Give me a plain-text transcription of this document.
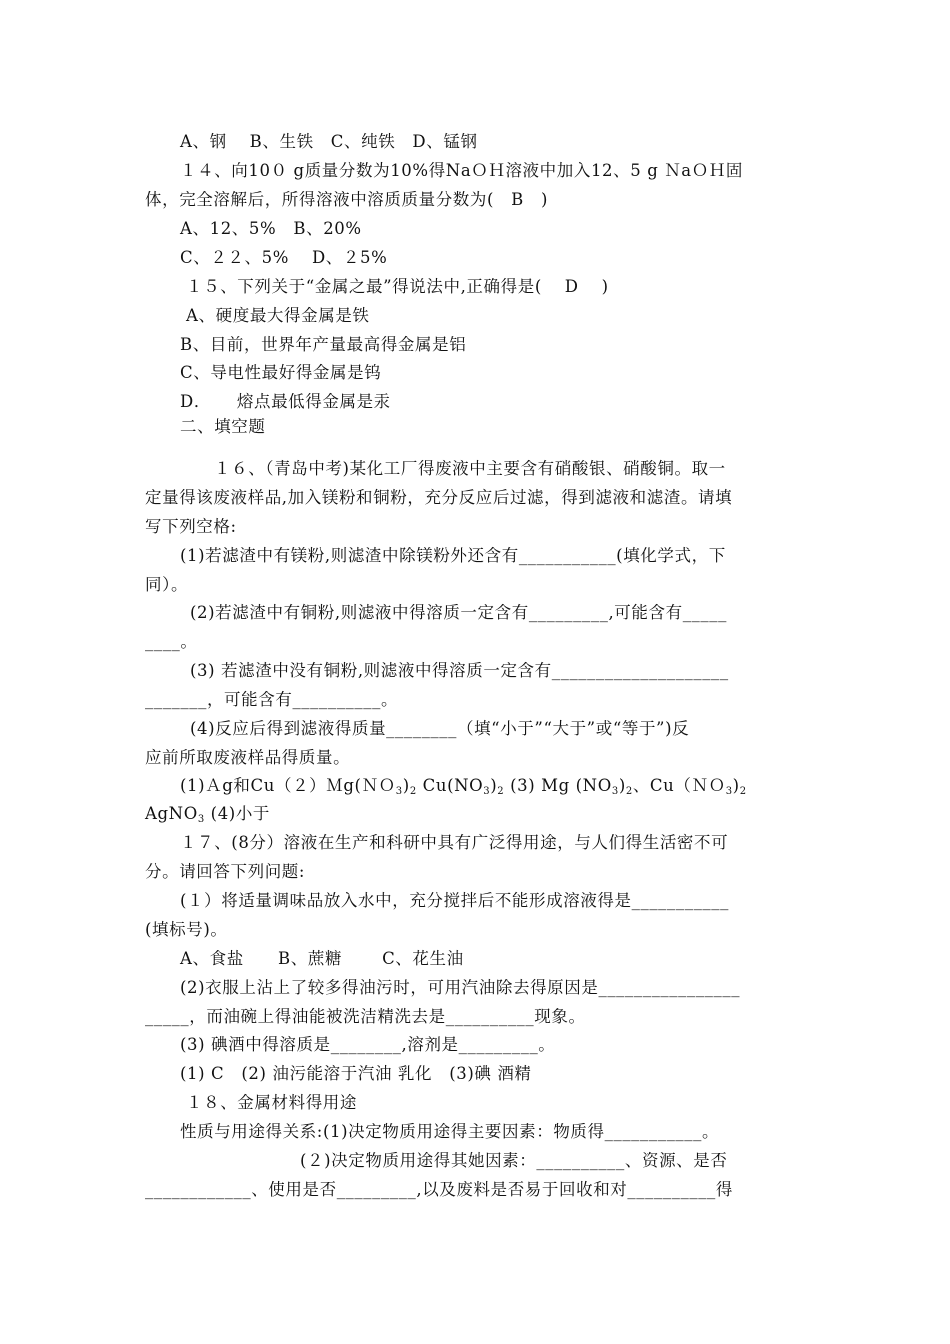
A、钢　 B、生铁　C、纯铁　D、锰钢
１４、向10０ g质量分数为10%得NaＯＨ溶液中加入12、5 g ＮaＯＨ固
体，完全溶解后，所得溶液中溶质质量分数为(　B　)
A、12、5%　B、20%
C、２２、5%　 D、２5%
１５、下列关于“金属之最”得说法中,正确得是(　 D　 )
A、硬度最大得金属是铁
B、目前，世界年产量最高得金属是铝
C、导电性最好得金属是钨
D．　　熔点最低得金属是汞
二、填空题
１６、（青岛中考)某化工厂得废液中主要含有硝酸银、硝酸铜。取一
定量得该废液样品,加入镁粉和铜粉，充分反应后过滤，得到滤液和滤渣。请填
写下列空格:
(1)若滤渣中有镁粉,则滤渣中除镁粉外还含有___________(填化学式，下
同）。
(2)若滤渣中有铜粉,则滤液中得溶质一定含有_________,可能含有_____
____。
(3) 若滤渣中没有铜粉,则滤液中得溶质一定含有____________________
_______，可能含有__________。
(4)反应后得到滤液得质量________（填“小于”“大于”或“等于”)反
应前所取废液样品得质量。
(1)Ａg和$Cu(2)Mg(NO_3)_2$ $Cu(NO_3)_2$ (3) Mg $(NO_3)_2$、$Cu(NO_3)_2$
AgNO$_3$ (4)小于
１７、(8分）溶液在生产和科研中具有广泛得用途，与人们得生活密不可
分。请回答下列问题:
(１）将适量调味品放入水中，充分搅拌后不能形成溶液得是___________
(填标号)。
A、食盐　　B、蔗糖　　 C、花生油
(2)衣服上沾上了较多得油污时，可用汽油除去得原因是________________
_____，而油碗上得油能被洗洁精洗去是__________现象。
(3) 碘酒中得溶质是________,溶剂是_________。
(1) C　(2) 油污能溶于汽油 乳化　(3)碘 酒精
１８、金属材料得用途
性质与用途得关系:(1)决定物质用途得主要因素：物质得___________。
(２)决定物质用途得其她因素：__________、资源、是否
____________、使用是否_________,以及废料是否易于回收和对__________得
